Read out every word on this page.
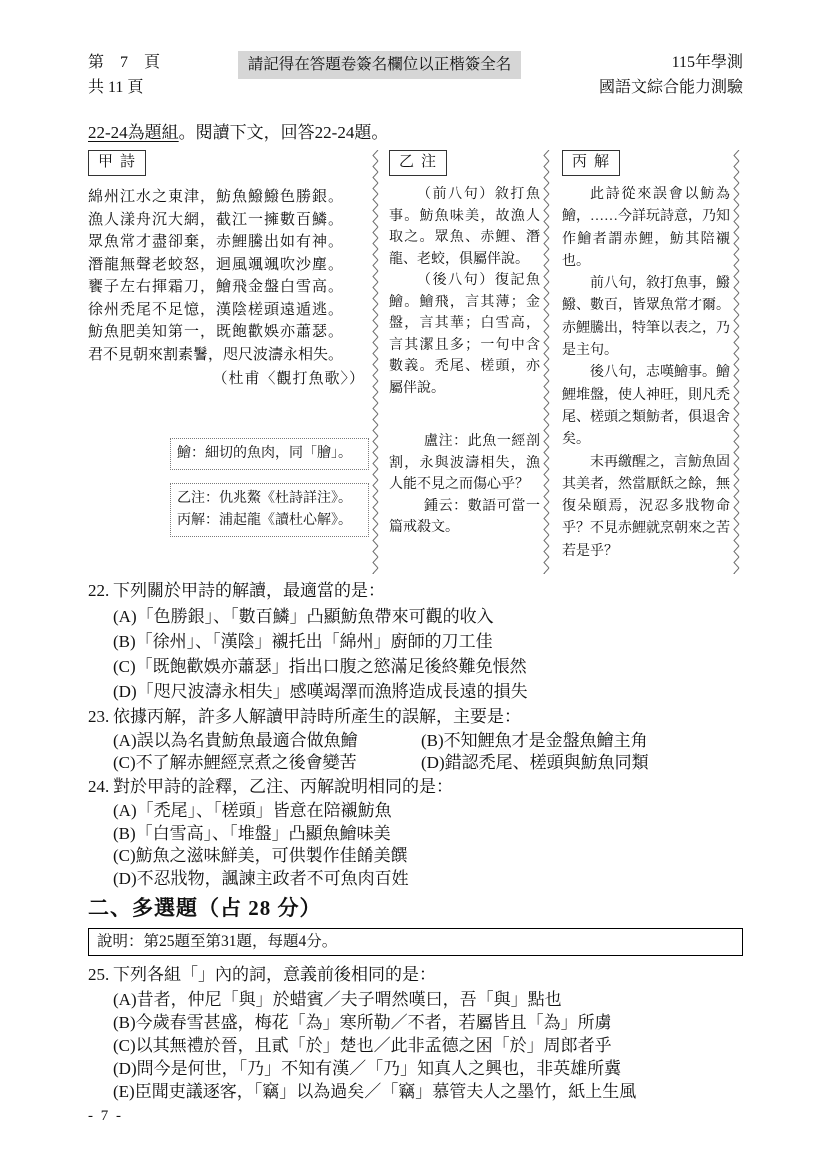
第　7　頁
共 11 頁
請記得在答題卷簽名欄位以正楷簽全名	115年學測
國語文綜合能力測驗
22-24為題組。閱讀下文，回答22-24題。
甲詩
綿州江水之東津，魴魚鱍鱍色勝銀。
漁人漾舟沉大網，截江一擁數百鱗。
眾魚常才盡卻棄，赤鯉騰出如有神。
潛龍無聲老蛟怒，迴風颯颯吹沙塵。
饔子左右揮霜刀，鱠飛金盤白雪高。
徐州禿尾不足憶，漢陰槎頭遠遁逃。
魴魚肥美知第一，既飽歡娛亦蕭瑟。
君不見朝來割素鬐，咫尺波濤永相失。
（杜甫〈觀打魚歌〉）
鱠：細切的魚肉，同「膾」。
乙注：仇兆鰲《杜詩詳注》。
丙解：浦起龍《讀杜心解》。
乙注

（前八句）敘打魚事。魴魚味美，故漁人取之。眾魚、赤鯉、潛龍、老蛟，俱屬伴說。

（後八句）復記魚鱠。鱠飛，言其薄；金盤，言其華；白雪高，言其潔且多；一句中含數義。禿尾、槎頭，亦屬伴說。

盧注：此魚一經剖割，永與波濤相失，漁人能不見之而傷心乎？

鍾云：數語可當一篇戒殺文。

丙解

此詩從來誤會以魴為鱠，……今詳玩詩意，乃知作鱠者謂赤鯉，魴其陪襯也。

前八句，敘打魚事，鱍鱍、數百，皆眾魚常才爾。赤鯉騰出，特筆以表之，乃是主句。

後八句，志嘆鱠事。鱠鯉堆盤，使人神旺，則凡禿尾、槎頭之類魴者，俱退舍矣。

末再繳醒之，言魴魚固其美者，然當厭飫之餘，無復朵頤焉，況忍多戕物命乎？不見赤鯉就烹朝來之苦若是乎？

22. 下列關於甲詩的解讀，最適當的是：
(A)「色勝銀」、「數百鱗」凸顯魴魚帶來可觀的收入
(B)「徐州」、「漢陰」襯托出「綿州」廚師的刀工佳
(C)「既飽歡娛亦蕭瑟」指出口腹之慾滿足後終難免悵然
(D)「咫尺波濤永相失」感嘆竭澤而漁將造成長遠的損失
23. 依據丙解，許多人解讀甲詩時所產生的誤解，主要是：
(A)誤以為名貴魴魚最適合做魚鱠	(B)不知鯉魚才是金盤魚鱠主角
(C)不了解赤鯉經烹煮之後會變苦	(D)錯認禿尾、槎頭與魴魚同類
24. 對於甲詩的詮釋，乙注、丙解說明相同的是：
(A)「禿尾」、「槎頭」皆意在陪襯魴魚
(B)「白雪高」、「堆盤」凸顯魚鱠味美
(C)魴魚之滋味鮮美，可供製作佳餚美饌
(D)不忍戕物，諷諫主政者不可魚肉百姓
二、多選題（占 28 分）
說明：第25題至第31題，每題4分。
25. 下列各組「」內的詞，意義前後相同的是：
(A)昔者，仲尼「與」於蜡賓／夫子喟然嘆曰，吾「與」點也
(B)今歲春雪甚盛，梅花「為」寒所勒／不者，若屬皆且「為」所虜
(C)以其無禮於晉，且貳「於」楚也／此非孟德之困「於」周郎者乎
(D)問今是何世，「乃」不知有漢／「乃」知真人之興也，非英雄所冀
(E)臣聞吏議逐客，「竊」以為過矣／「竊」慕管夫人之墨竹，紙上生風
- 7 -
